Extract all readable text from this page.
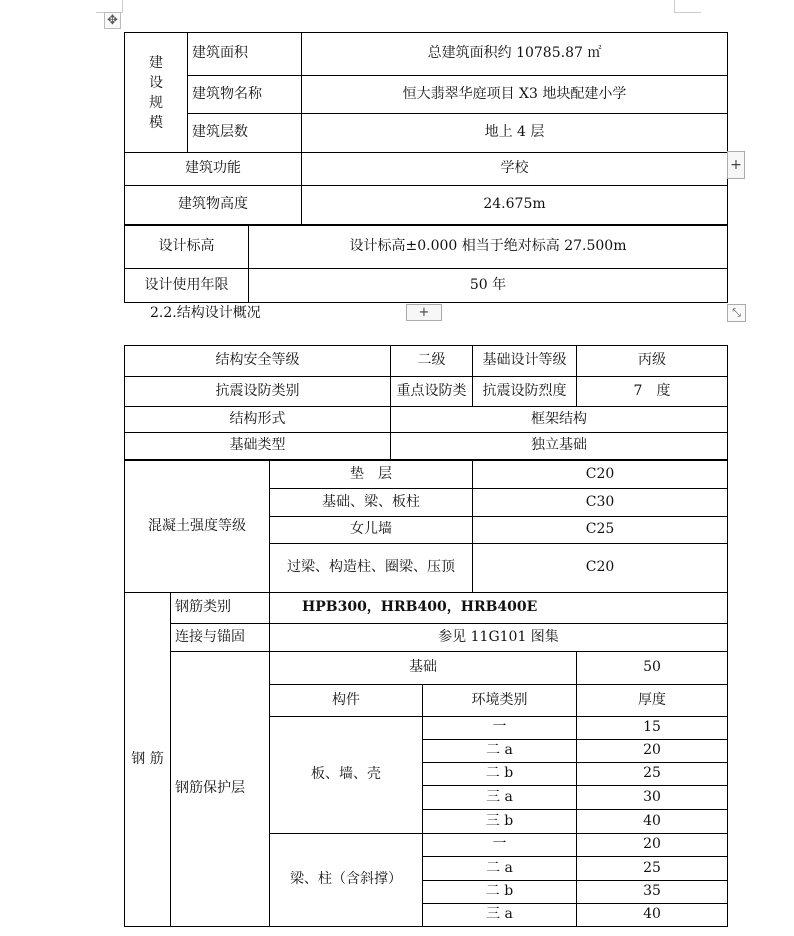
✥
建
设
规
模	建筑面积	总建筑面积约 10785.87 ㎡
	建筑物名称	恒大翡翠华庭项目 X3 地块配建小学
	建筑层数	地上 4 层
建筑功能		学校
建筑物高度		24.675m
设计标高	设计标高±0.000 相当于绝对标高 27.500m
设计使用年限	50 年
+
2.2.结构设计概况	+	⤡
结构安全等级	二级	基础设计等级	丙级
抗震设防类别	重点设防类	抗震设防烈度	7　度
结构形式	框架结构		
基础类型	独立基础		
混凝土强度等级	垫　层	C20
	基础、梁、板柱	C30
	女儿墙	C25
	过梁、构造柱、圈梁、压顶	C20
钢 筋	钢筋类别	HPB300，HRB400，HRB400E		
	连接与锚固	参见 11G101 图集		
	钢筋保护层	基础		50
		构件	环境类别	厚度
		板、墙、壳	一	15
			二 a	20
			二 b	25
			三 a	30
			三 b	40
		梁、柱（含斜撑）	一	20
			二 a	25
			二 b	35
			三 a	40
